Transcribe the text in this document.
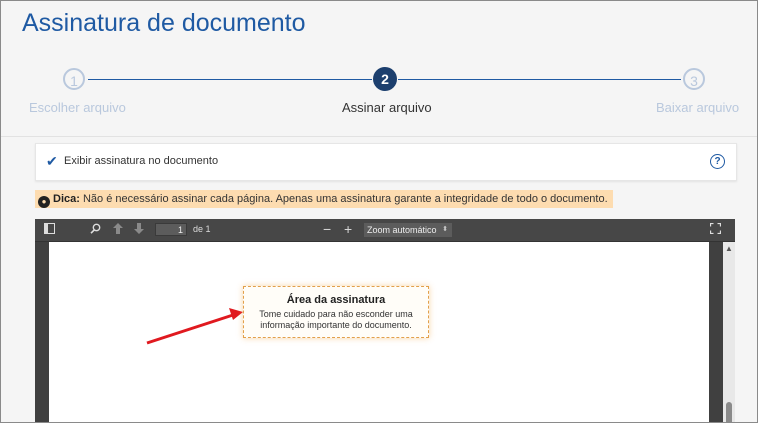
Assinatura de documento
1	2	3
Escolher arquivo	Assinar arquivo	Baixar arquivo
✔ Exibir assinatura no documento	?
● Dica: Não é necessário assinar cada página. Apenas uma assinatura garante a integridade de todo o documento.
1	de 1	− +	Zoom automático ⬍
Área da assinatura
Tome cuidado para não esconder uma informação importante do documento.
▲
